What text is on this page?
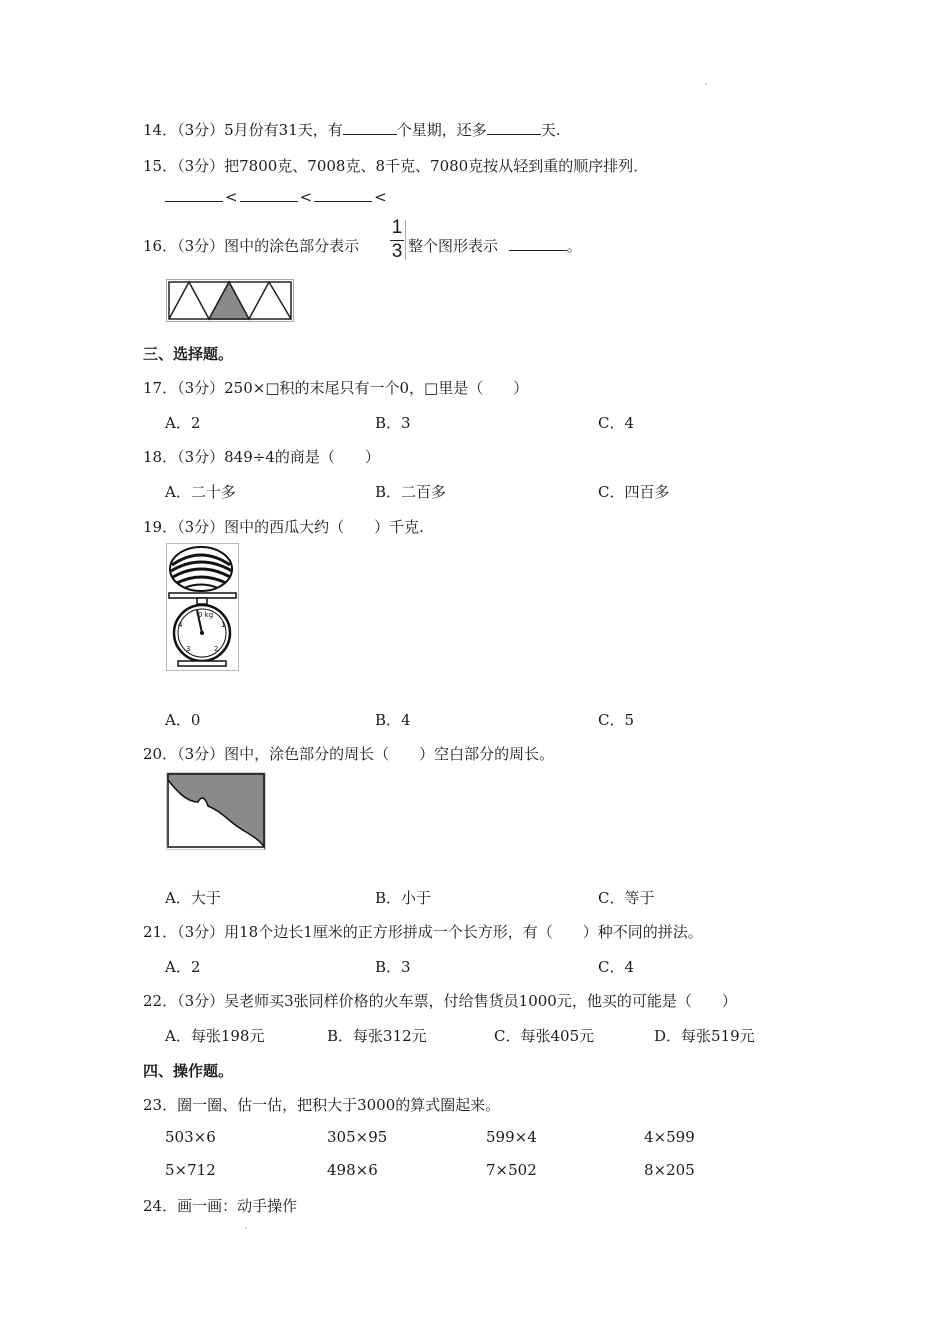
˛
14．（3分）5月份有31天，有	个星期，还多	天.
15．（3分）把7800克、7008克、8千克、7080克按从轻到重的顺序排列．
<	<	<
16．（3分）图中的涂色部分表示
1
3 整个图形表示	。
三、选择题。
17．（3分）250×□积的末尾只有一个0，□里是（　　）
A．2	B．3	C．4
18．（3分）849÷4的商是（　　）
A．二十多	B．二百多	C．四百多
19．（3分）图中的西瓜大约（　　）千克.
0 kg
1
2
3
4
A．0	B．4	C．5
20．（3分）图中，涂色部分的周长（　　）空白部分的周长。
A．大于	B．小于	C．等于
21．（3分）用18个边长1厘米的正方形拼成一个长方形，有（　　）种不同的拼法。
A．2	B．3	C．4
22．（3分）吴老师买3张同样价格的火车票，付给售货员1000元，他买的可能是（　　）
A．每张198元	B．每张312元	C．每张405元	D．每张519元
四、操作题。
23．圈一圈、估一估，把积大于3000的算式圈起来。
503×6	305×95	599×4	4×599
5×712	498×6	7×502	8×205
24．画一画：动手操作
˛
